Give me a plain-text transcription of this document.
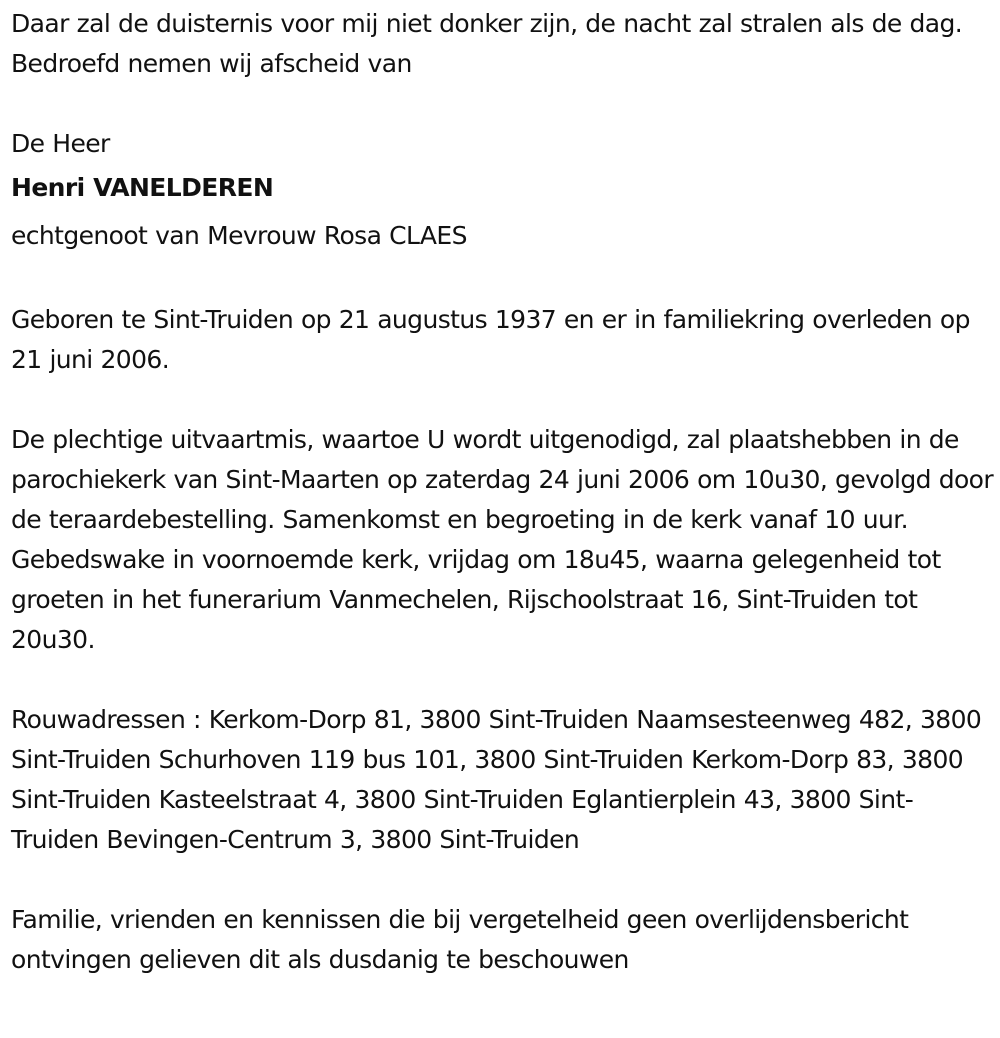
Daar zal de duisternis voor mij niet donker zijn, de nacht zal stralen als de dag. Bedroefd nemen wij afscheid van

De Heer

Henri VANELDEREN

echtgenoot van Mevrouw Rosa CLAES

Geboren te Sint-Truiden op 21 augustus 1937 en er in familiekring overleden op 21 juni 2006.

De plechtige uitvaartmis, waartoe U wordt uitgenodigd, zal plaatshebben in de parochiekerk van Sint-Maarten op zaterdag 24 juni 2006 om 10u30, gevolgd door de teraardebestelling. Samenkomst en begroeting in de kerk vanaf 10 uur. Gebedswake in voornoemde kerk, vrijdag om 18u45, waarna gelegenheid tot groeten in het funerarium Vanmechelen, Rijschoolstraat 16, Sint-Truiden tot 20u30.

Rouwadressen : Kerkom-Dorp 81, 3800 Sint-Truiden Naamsesteenweg 482, 3800 Sint-Truiden Schurhoven 119 bus 101, 3800 Sint-Truiden Kerkom-Dorp 83, 3800 Sint-Truiden Kasteelstraat 4, 3800 Sint-Truiden Eglantierplein 43, 3800 Sint-Truiden Bevingen-Centrum 3, 3800 Sint-Truiden

Familie, vrienden en kennissen die bij vergetelheid geen overlijdensbericht ontvingen gelieven dit als dusdanig te beschouwen
